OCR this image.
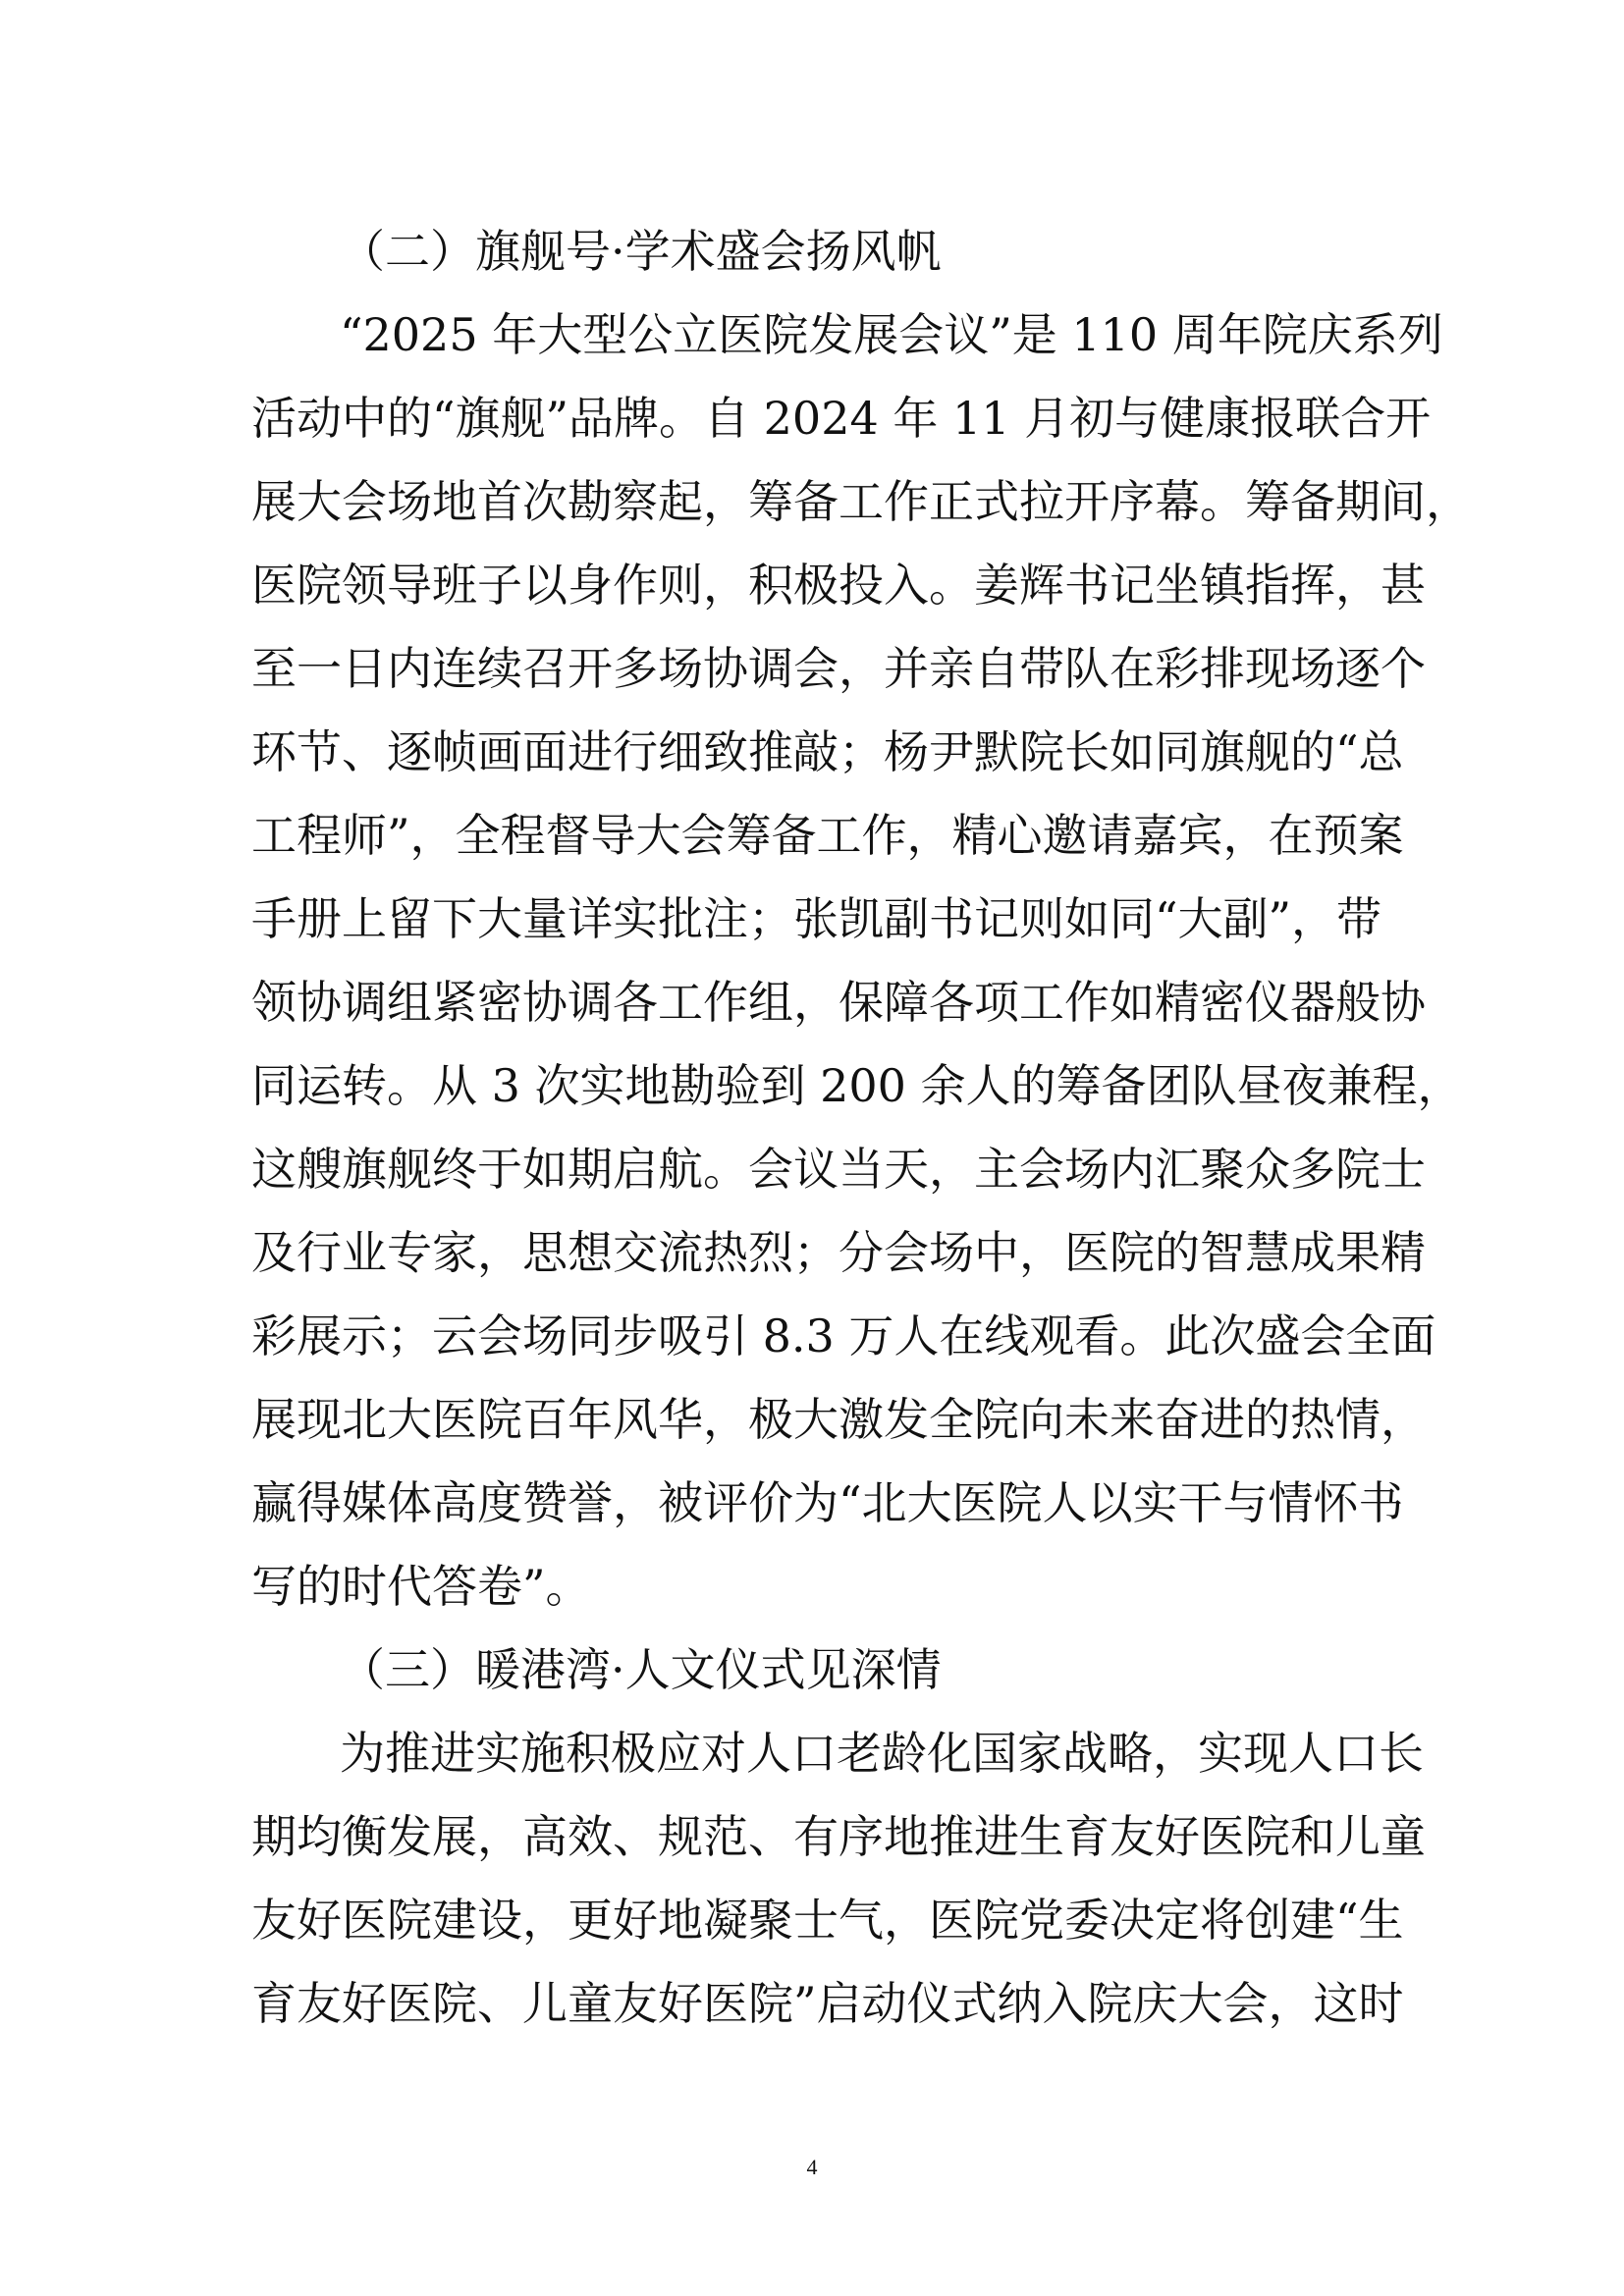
（二）旗舰号·学术盛会扬风帆
“2025 年大型公立医院发展会议”是 110 周年院庆系列
活动中的“旗舰”品牌。自 2024 年 11 月初与健康报联合开
展大会场地首次勘察起，筹备工作正式拉开序幕。筹备期间，
医院领导班子以身作则，积极投入。姜辉书记坐镇指挥，甚
至一日内连续召开多场协调会，并亲自带队在彩排现场逐个
环节、逐帧画面进行细致推敲；杨尹默院长如同旗舰的“总
工程师”，全程督导大会筹备工作，精心邀请嘉宾，在预案
手册上留下大量详实批注；张凯副书记则如同“大副”，带
领协调组紧密协调各工作组，保障各项工作如精密仪器般协
同运转。从 3 次实地勘验到 200 余人的筹备团队昼夜兼程，
这艘旗舰终于如期启航。会议当天，主会场内汇聚众多院士
及行业专家，思想交流热烈；分会场中，医院的智慧成果精
彩展示；云会场同步吸引 8.3 万人在线观看。此次盛会全面
展现北大医院百年风华，极大激发全院向未来奋进的热情，
赢得媒体高度赞誉，被评价为“北大医院人以实干与情怀书
写的时代答卷”。
（三）暖港湾·人文仪式见深情
为推进实施积极应对人口老龄化国家战略，实现人口长
期均衡发展，高效、规范、有序地推进生育友好医院和儿童
友好医院建设，更好地凝聚士气，医院党委决定将创建“生
育友好医院、儿童友好医院”启动仪式纳入院庆大会，这时
4
